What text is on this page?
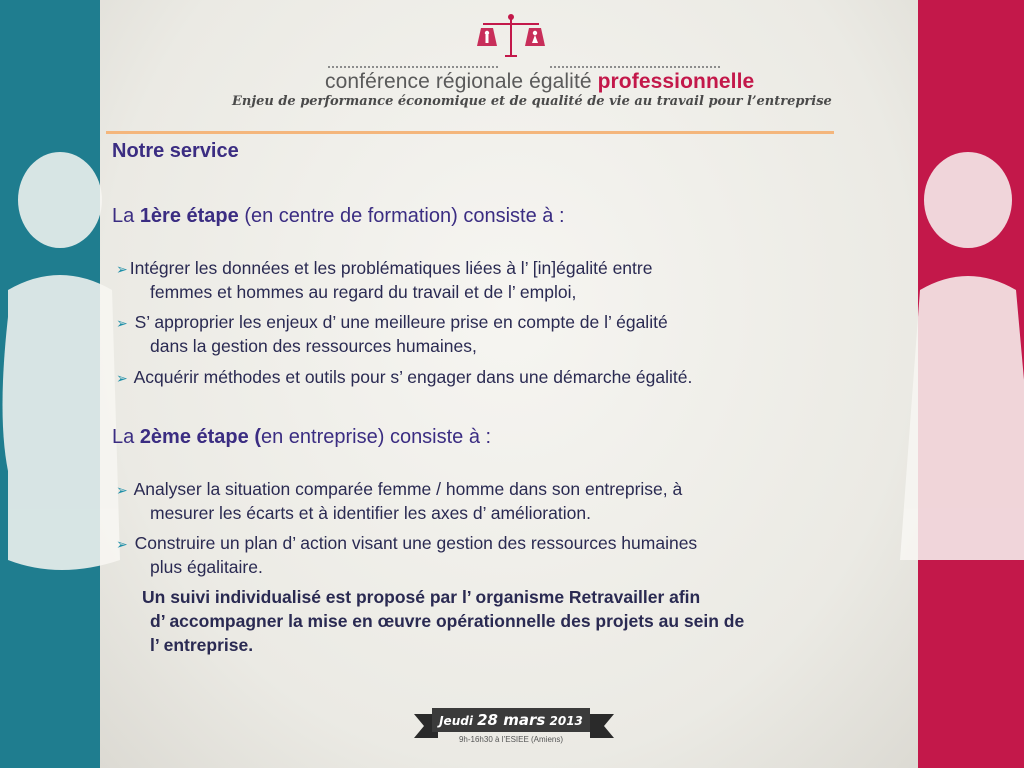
conférence régionale égalité professionnelle
Enjeu de performance économique et de qualité de vie au travail pour l’entreprise
Notre service
La 1ère étape (en centre de formation) consiste à :
➢ Intégrer les données et les problématiques liées à l’ [in]égalité entre
femmes et hommes au regard du travail et de l’ emploi,
➢ S’ approprier les enjeux d’ une meilleure prise en compte de l’ égalité
dans la gestion des ressources humaines,
➢ Acquérir méthodes et outils pour s’ engager dans une démarche égalité.
La 2ème étape (en entreprise) consiste à :
➢ Analyser la situation comparée femme / homme dans son entreprise, à
mesurer les écarts et à identifier les axes d’ amélioration.
➢ Construire un plan d’ action visant une gestion des ressources humaines
plus égalitaire.
Un suivi individualisé est proposé par l’ organisme Retravailler afin
d’ accompagner la mise en œuvre opérationnelle des projets au sein de
l’ entreprise.
Jeudi 28 mars 2013
9h-16h30 à l’ESIEE (Amiens)
